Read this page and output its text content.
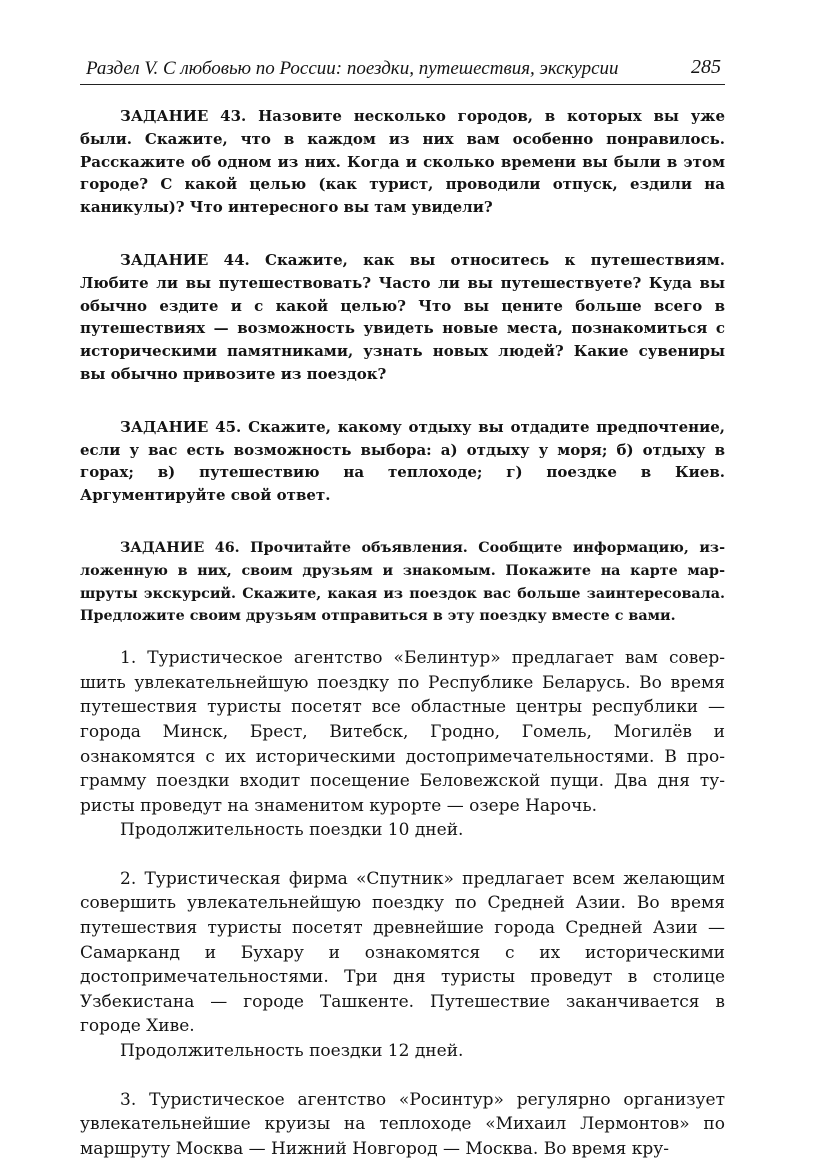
Раздел V. С любовью по России: поездки, путешествия, экскурсии	285

ЗАДАНИЕ 43. Назовите несколько городов, в которых вы уже были. Скажите, что в каждом из них вам особенно понравилось. Расскажите об одном из них. Когда и сколько времени вы были в этом городе? С какой целью (как турист, проводили отпуск, ездили на каникулы)? Что интересного вы там увидели?

ЗАДАНИЕ 44. Скажите, как вы относитесь к путешествиям. Любите ли вы путешествовать? Часто ли вы путешествуете? Куда вы обычно ездите и с какой целью? Что вы цените больше всего в путешествиях — возможность увидеть новые места, познакомиться с историческими памятниками, узнать новых людей? Какие сувениры вы обычно привозите из поездок?

ЗАДАНИЕ 45. Скажите, какому отдыху вы отдадите предпочтение, если у вас есть возможность выбора: а) отдыху у моря; б) отдыху в горах; в) путешествию на теплоходе; г) поездке в Киев. Аргументируйте свой ответ.

ЗАДАНИЕ 46. Прочитайте объявления. Сообщите информацию, изложенную в них, своим друзьям и знакомым. Покажите на карте маршруты экскурсий. Скажите, какая из поездок вас больше заинтересовала. Предложите своим друзьям отправиться в эту поездку вместе с вами.

1. Туристическое агентство «Белинтур» предлагает вам совершить увлекательнейшую поездку по Республике Беларусь. Во время путешествия туристы посетят все областные центры республики — города Минск, Брест, Витебск, Гродно, Гомель, Могилёв и ознакомятся с их историческими достопримечательностями. В программу поездки входит посещение Беловежской пущи. Два дня туристы проведут на знаменитом курорте — озере Нарочь.

Продолжительность поездки 10 дней.

2. Туристическая фирма «Спутник» предлагает всем желающим совершить увлекательнейшую поездку по Средней Азии. Во время путешествия туристы посетят древнейшие города Средней Азии — Самарканд и Бухару и ознакомятся с их историческими достопримечательностями. Три дня туристы проведут в столице Узбекистана — городе Ташкенте. Путешествие заканчивается в городе Хиве.

Продолжительность поездки 12 дней.

3. Туристическое агентство «Росинтур» регулярно организует увлекательнейшие круизы на теплоходе «Михаил Лермонтов» по маршруту Москва — Нижний Новгород — Москва. Во время кру-
